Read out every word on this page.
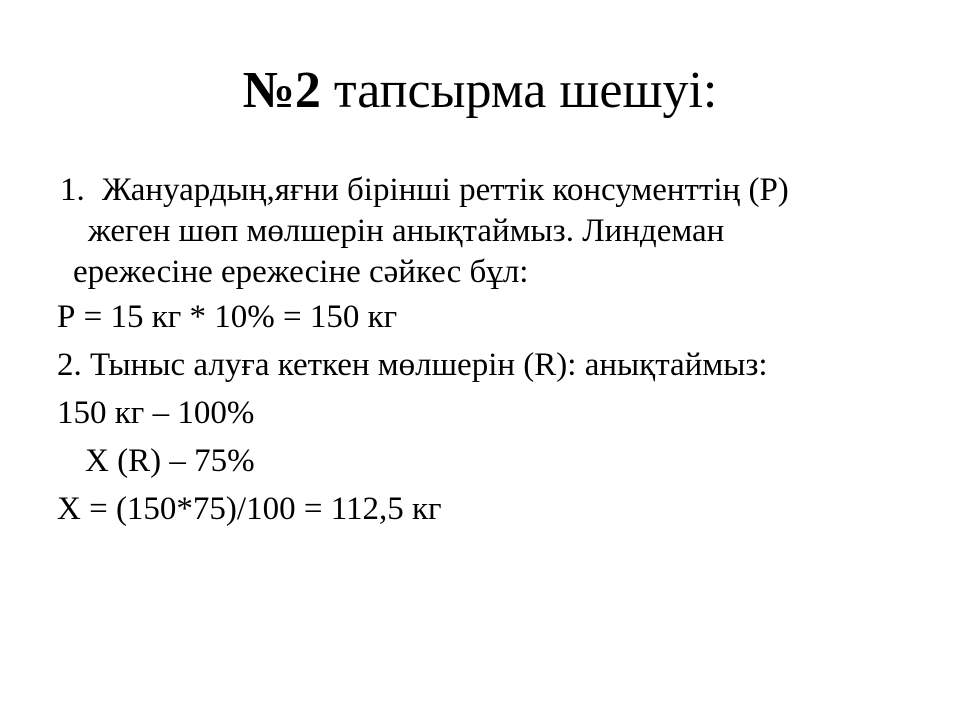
№2 тапсырма шешуі:
1. Жануардың,яғни бірінші реттік консументтің (Р)
жеген шөп мөлшерін анықтаймыз. Линдеман
ережесіне ережесіне сәйкес бұл:

Р = 15 кг * 10% = 150 кг

2. Тыныс алуға кеткен мөлшерін (R): анықтаймыз:

150 кг – 100%

Х (R) – 75%

Х = (150*75)/100 = 112,5 кг
